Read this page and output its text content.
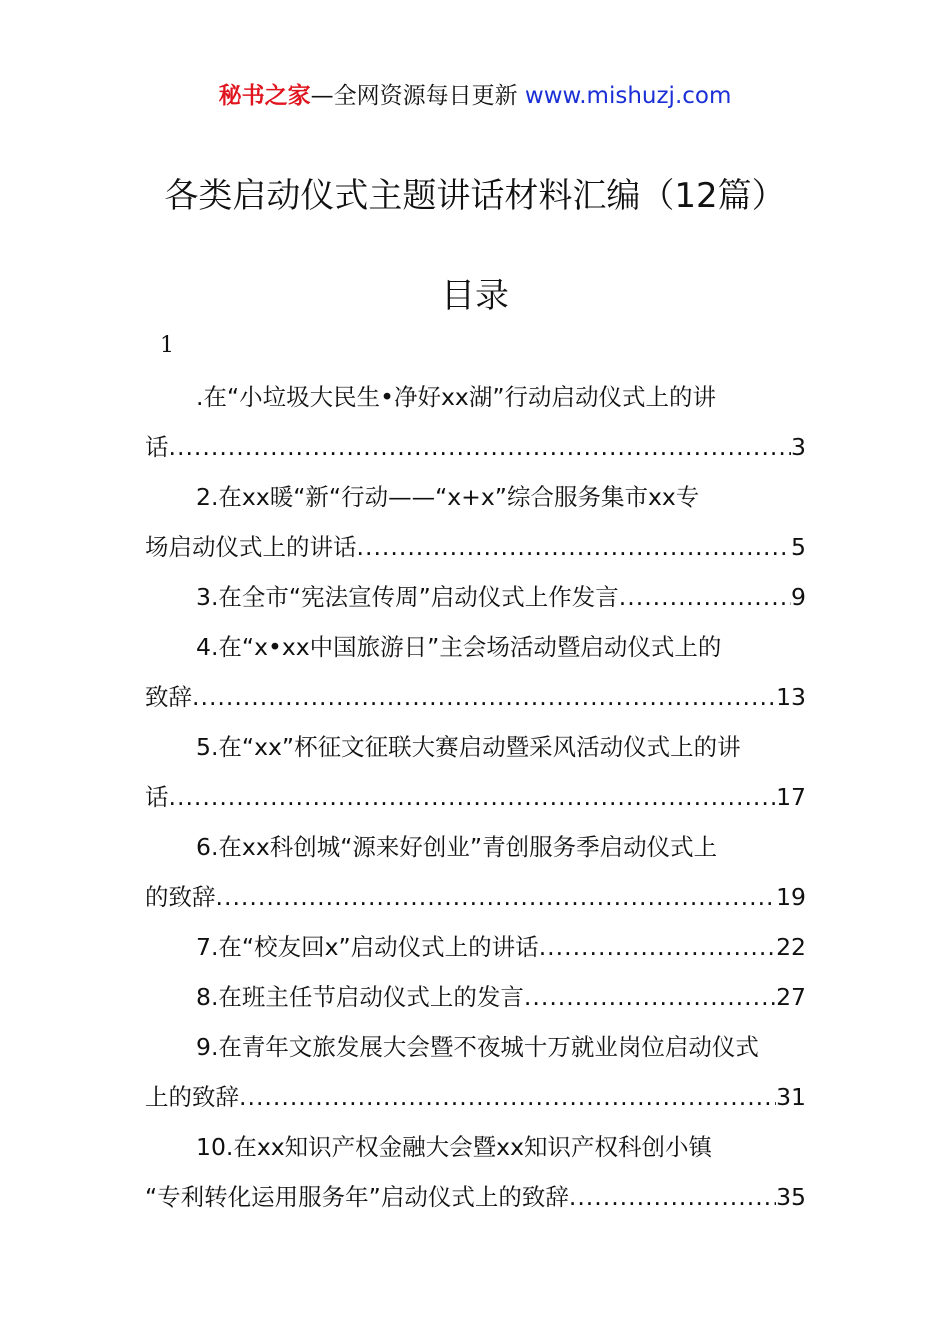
秘书之家—全网资源每日更新 www.mishuzj.com
各类启动仪式主题讲话材料汇编（12篇）
目录
1
.在“小垃圾大民生•净好xx湖”行动启动仪式上的讲
话 .....	3
2.在xx暖“新“行动——“x+x”综合服务集市xx专
场启动仪式上的讲话 .....	5
3.在全市“宪法宣传周”启动仪式上作发言 .....	9
4.在“x•xx中国旅游日”主会场活动暨启动仪式上的
致辞 .....	13
5.在“xx”杯征文征联大赛启动暨采风活动仪式上的讲
话 .....	17
6.在xx科创城“源来好创业”青创服务季启动仪式上
的致辞 .....	19
7.在“校友回x”启动仪式上的讲话 .....	22
8.在班主任节启动仪式上的发言 .....	27
9.在青年文旅发展大会暨不夜城十万就业岗位启动仪式
上的致辞 .....	31
10.在xx知识产权金融大会暨xx知识产权科创小镇
“专利转化运用服务年”启动仪式上的致辞 .....	35
